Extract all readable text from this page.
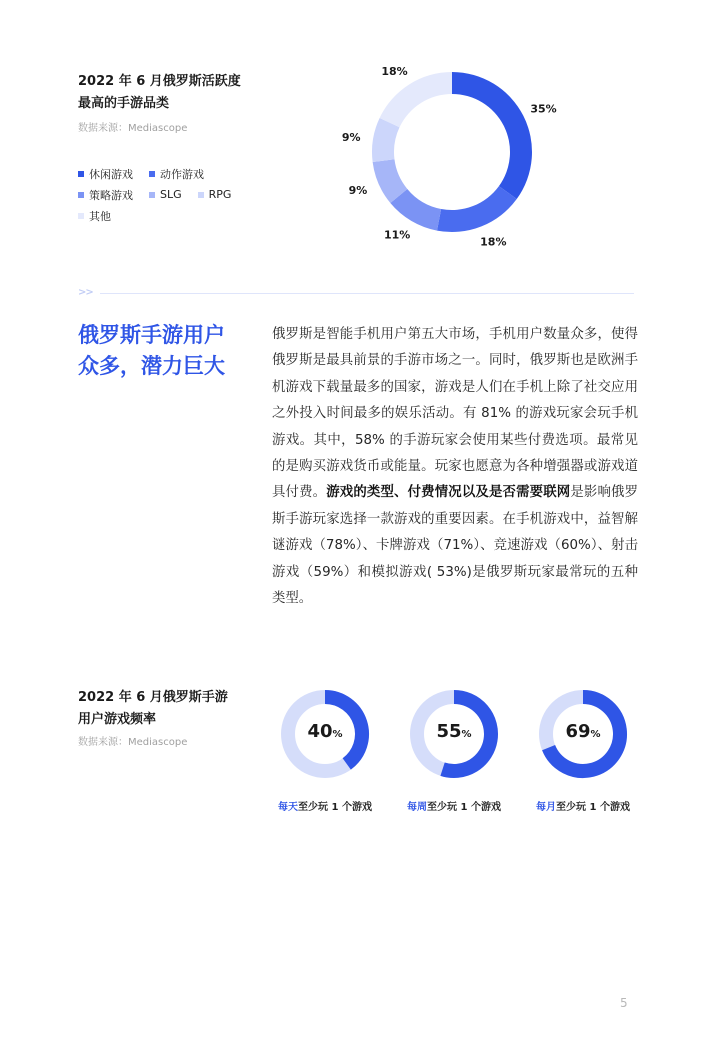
2022 年 6 月俄罗斯活跃度
最高的手游品类
数据来源：Mediascope
休闲游戏 动作游戏
策略游戏 SLG RPG
其他
35%
18%
11%
9%
9%
18%
>>
俄罗斯手游用户
众多，潜力巨大
俄罗斯是智能手机用户第五大市场，手机用户数量众多，使得俄罗斯是最具前景的手游市场之一。同时，俄罗斯也是欧洲手机游戏下载量最多的国家，游戏是人们在手机上除了社交应用之外投入时间最多的娱乐活动。有 81% 的游戏玩家会玩手机游戏。其中，58% 的手游玩家会使用某些付费选项。最常见的是购买游戏货币或能量。玩家也愿意为各种增强器或游戏道具付费。游戏的类型、付费情况以及是否需要联网是影响俄罗斯手游玩家选择一款游戏的重要因素。在手机游戏中，益智解谜游戏（78%）、卡牌游戏（71%）、竞速游戏（60%）、射击游戏（59%）和模拟游戏( 53%)是俄罗斯玩家最常玩的五种类型。
2022 年 6 月俄罗斯手游
用户游戏频率
数据来源：Mediascope
40%
每天至少玩 1 个游戏
55%
每周至少玩 1 个游戏
69%
每月至少玩 1 个游戏
5
